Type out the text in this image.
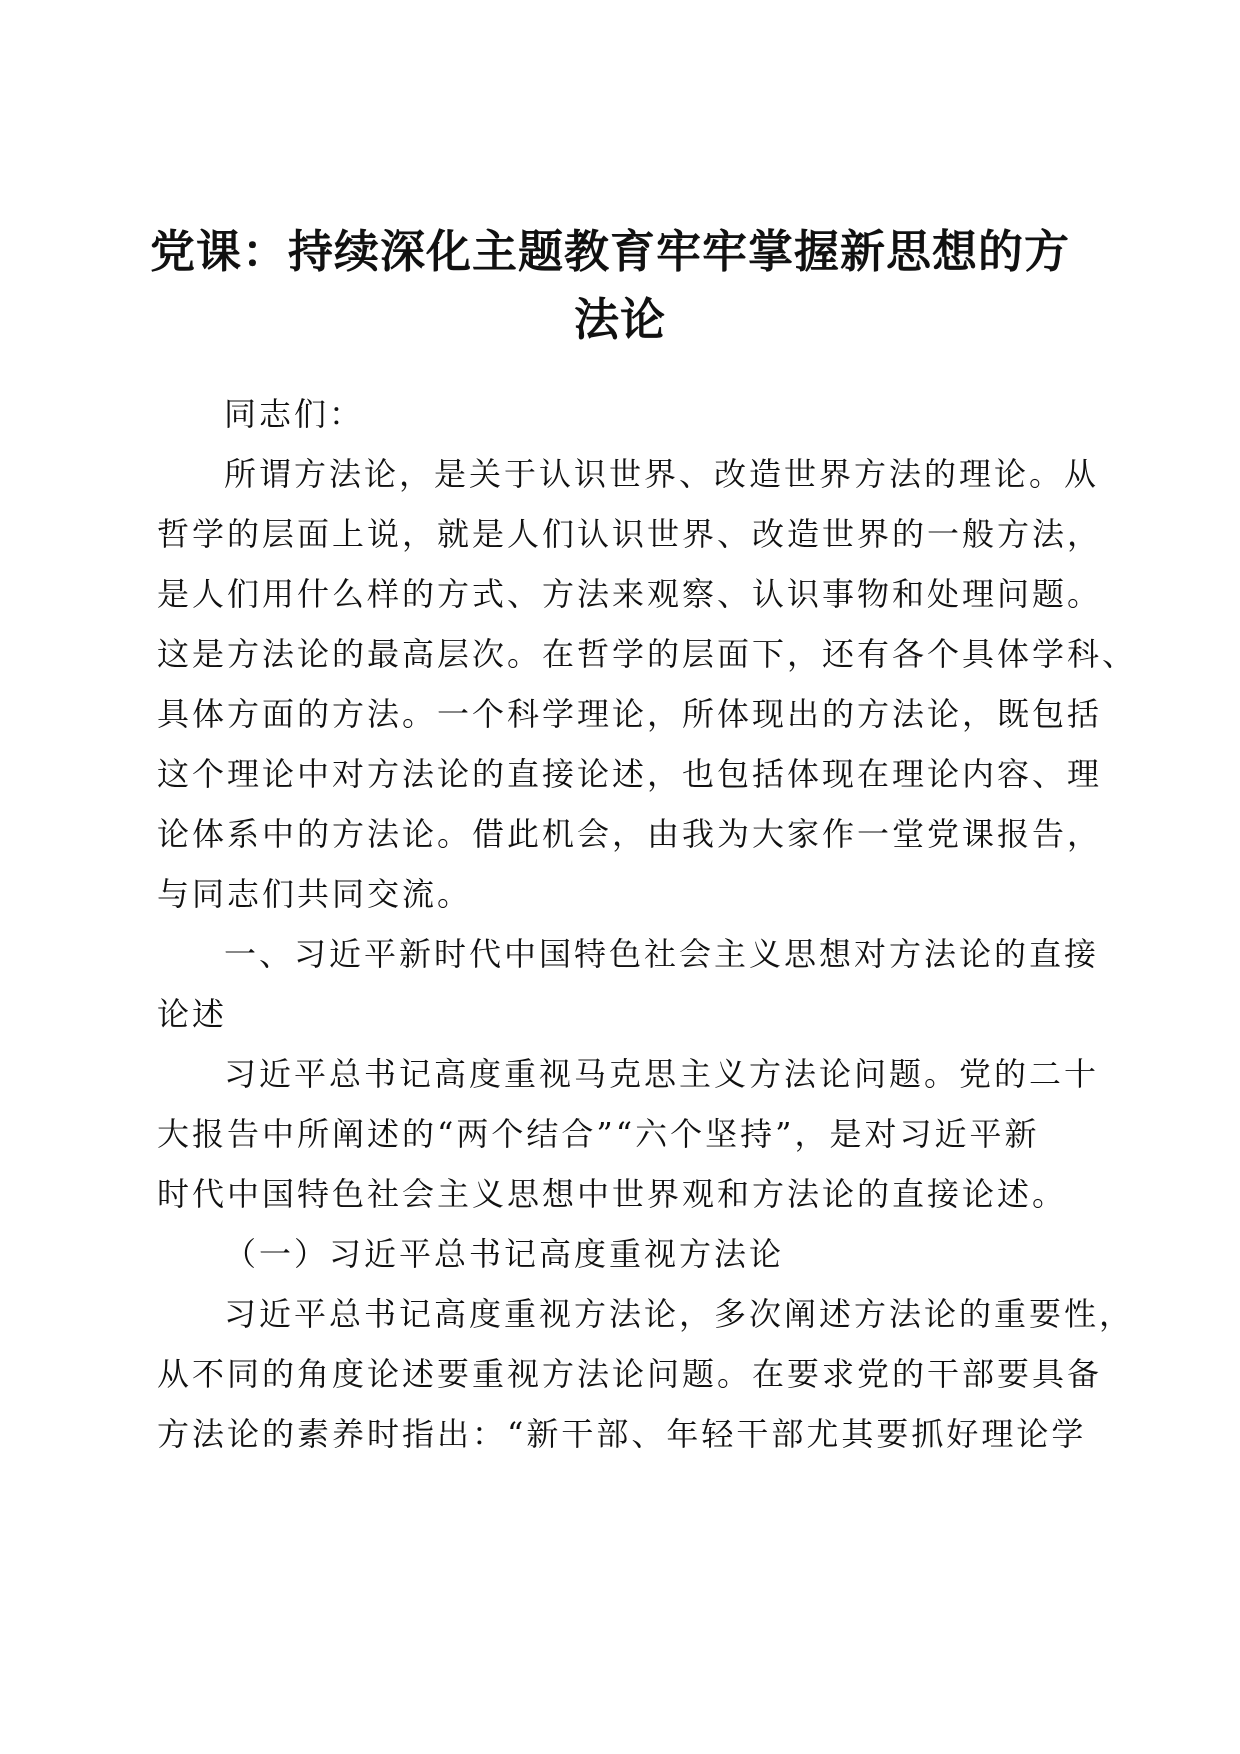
党课：持续深化主题教育牢牢掌握新思想的方
法论
同志们：
所谓方法论，是关于认识世界、改造世界方法的理论。从
哲学的层面上说，就是人们认识世界、改造世界的一般方法，
是人们用什么样的方式、方法来观察、认识事物和处理问题。
这是方法论的最高层次。在哲学的层面下，还有各个具体学科、
具体方面的方法。一个科学理论，所体现出的方法论，既包括
这个理论中对方法论的直接论述，也包括体现在理论内容、理
论体系中的方法论。借此机会，由我为大家作一堂党课报告，
与同志们共同交流。
一、习近平新时代中国特色社会主义思想对方法论的直接
论述
习近平总书记高度重视马克思主义方法论问题。党的二十
大报告中所阐述的“两个结合”“六个坚持”，是对习近平新
时代中国特色社会主义思想中世界观和方法论的直接论述。
（一）习近平总书记高度重视方法论
习近平总书记高度重视方法论，多次阐述方法论的重要性，
从不同的角度论述要重视方法论问题。在要求党的干部要具备
方法论的素养时指出：“新干部、年轻干部尤其要抓好理论学
